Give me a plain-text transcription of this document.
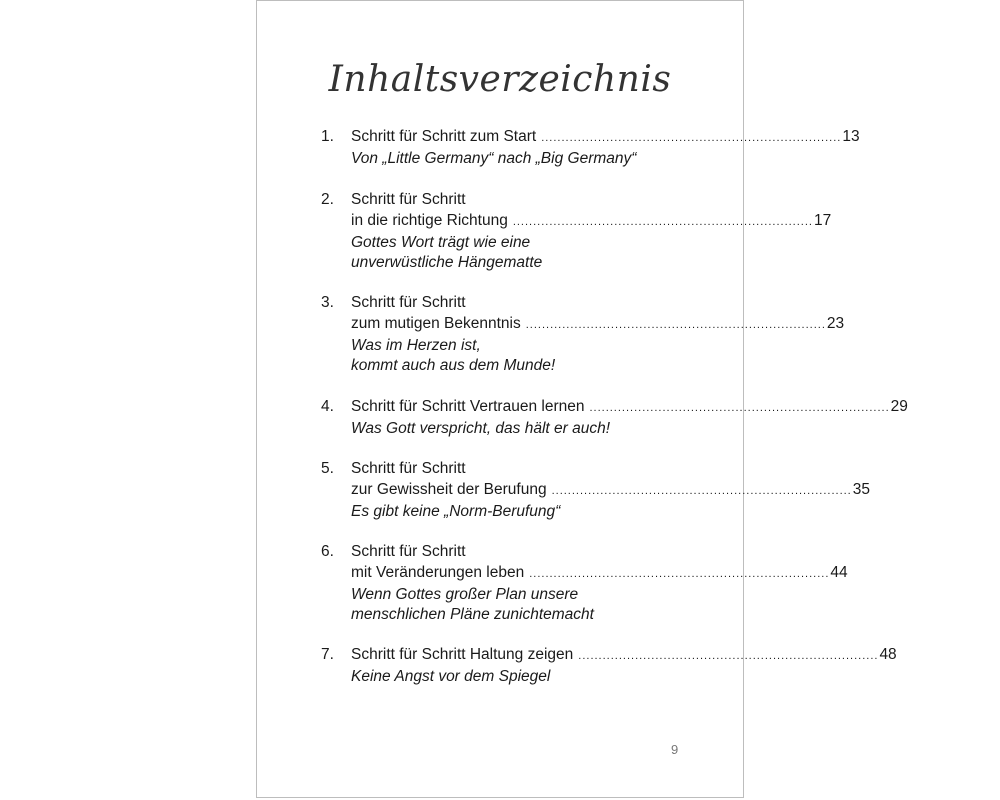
Inhaltsverzeichnis
1.	Schritt für Schritt zum Start .......................................................................... 13
Von „Little Germany“ nach „Big Germany“
2.	Schritt für Schritt
in die richtige Richtung .......................................................................... 17
Gottes Wort trägt wie eine
unverwüstliche Hängematte
3.	Schritt für Schritt
zum mutigen Bekenntnis .......................................................................... 23
Was im Herzen ist,
kommt auch aus dem Munde!
4.	Schritt für Schritt Vertrauen lernen .......................................................................... 29
Was Gott verspricht, das hält er auch!
5.	Schritt für Schritt
zur Gewissheit der Berufung .......................................................................... 35
Es gibt keine „Norm-Berufung“
6.	Schritt für Schritt
mit Veränderungen leben .......................................................................... 44
Wenn Gottes großer Plan unsere
menschlichen Pläne zunichtemacht
7.	Schritt für Schritt Haltung zeigen .......................................................................... 48
Keine Angst vor dem Spiegel
9
